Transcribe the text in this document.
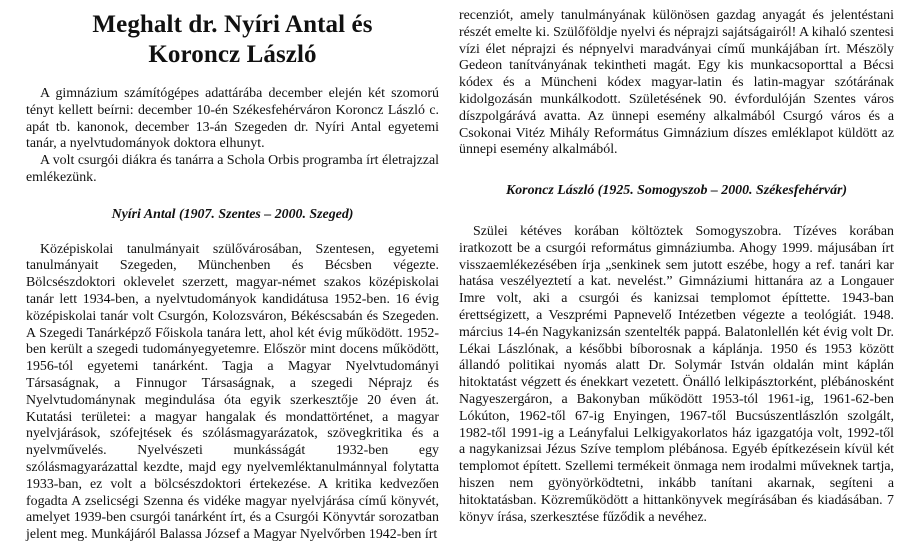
Meghalt dr. Nyíri Antal és
Koroncz László

A gimnázium számítógépes adattárába december elején két szomorú tényt kellett beírni: december 10-én Székesfehérváron Koroncz László c. apát tb. kanonok, december 13-án Szegeden dr. Nyíri Antal egyetemi tanár, a nyelvtudományok doktora elhunyt.

A volt csurgói diákra és tanárra a Schola Orbis programba írt életrajzzal emlékezünk.

Nyíri Antal (1907. Szentes – 2000. Szeged)

Középiskolai tanulmányait szülővárosában, Szentesen, egyetemi tanulmányait Szegeden, Münchenben és Bécsben végezte. Bölcsészdoktori oklevelet szerzett, magyar-német szakos középiskolai tanár lett 1934-ben, a nyelvtudományok kandidátusa 1952-ben. 16 évig középiskolai tanár volt Csurgón, Kolozsváron, Békéscsabán és Szegeden. A Szegedi Tanárképző Főiskola tanára lett, ahol két évig működött. 1952-ben került a szegedi tudományegyetemre. Először mint docens működött, 1956-tól egyetemi tanárként. Tagja a Magyar Nyelvtudományi Társaságnak, a Finnugor Társaságnak, a szegedi Néprajz és Nyelvtudománynak megindulása óta egyik szerkesztője 20 éven át. Kutatási területei: a magyar hangalak és mondattörténet, a magyar nyelvjárások, szófejtések és szólásmagyarázatok, szövegkritika és a nyelvművelés. Nyelvészeti munkásságát 1932-ben egy szólásmagyarázattal kezdte, majd egy nyelvemléktanulmánnyal folytatta 1933-ban, ez volt a bölcsészdoktori értekezése. A kritika kedvezően fogadta A zselicségi Szenna és vidéke magyar nyelvjárása című könyvét, amelyet 1939-ben csurgói tanárként írt, és a Csurgói Könyvtár sorozatban jelent meg. Munkájáról Balassa József a Magyar Nyelvőrben 1942-ben írt

recenziót, amely tanulmányának különösen gazdag anyagát és jelentéstani részét emelte ki. Szülőföldje nyelvi és néprajzi sajátságairól! A kihaló szentesi vízi élet néprajzi és népnyelvi maradványai című munkájában írt. Mészöly Gedeon tanítványának tekintheti magát. Egy kis munkacsoporttal a Bécsi kódex és a Müncheni kódex magyar-latin és latin-magyar szótárának kidolgozásán munkálkodott. Születésének 90. évfordulóján Szentes város díszpolgárává avatta. Az ünnepi esemény alkalmából Csurgó város és a Csokonai Vitéz Mihály Református Gimnázium díszes emléklapot küldött az ünnepi esemény alkalmából.

Koroncz László (1925. Somogyszob – 2000. Székesfehérvár)

Szülei kétéves korában költöztek Somogyszobra. Tízéves korában iratkozott be a csurgói református gimnáziumba. Ahogy 1999. májusában írt visszaemlékezésében írja „senkinek sem jutott eszébe, hogy a ref. tanári kar hatása veszélyeztetí a kat. nevelést.” Gimnáziumi hittanára az a Longauer Imre volt, aki a csurgói és kanizsai templomot építtette. 1943-ban érettségizett, a Veszprémi Papnevelő Intézetben végezte a teológiát. 1948. március 14-én Nagykanizsán szentelték pappá. Balatonlellén két évig volt Dr. Lékai Lászlónak, a későbbi bíborosnak a káplánja. 1950 és 1953 között állandó politikai nyomás alatt Dr. Solymár István oldalán mint káplán hitoktatást végzett és énekkart vezetett. Önálló lelkipásztorként, plébánosként Nagyeszergáron, a Bakonyban működött 1953-tól 1961-ig, 1961-62-ben Lókúton, 1962-től 67-ig Enyingen, 1967-től Bucsúszentlászlón szolgált, 1982-től 1991-ig a Leányfalui Lelkigyakorlatos ház igazgatója volt, 1992-től a nagykanizsai Jézus Szíve templom plébánosa. Egyéb építkezésein kívül két templomot épített. Szellemi termékeit önmaga nem irodalmi műveknek tartja, hiszen nem gyönyörködtetni, inkább tanítani akarnak, segíteni a hitoktatásban. Közreműködött a hittankönyvek megírásában és kiadásában. 7 könyv írása, szerkesztése fűződik a nevéhez.
